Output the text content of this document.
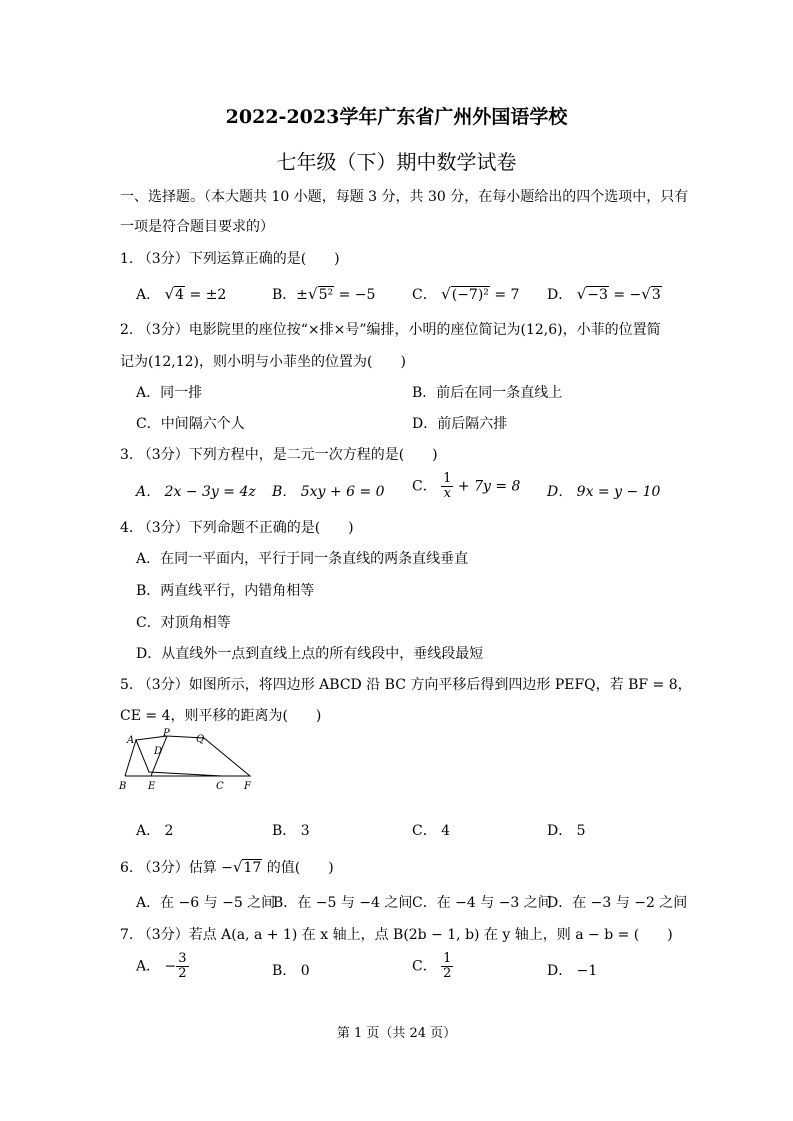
2022-2023学年广东省广州外国语学校
七年级（下）期中数学试卷
一、选择题。（本大题共 10 小题，每题 3 分，共 30 分，在每小题给出的四个选项中，只有
一项是符合题目要求的）
1. （3分）下列运算正确的是(　　)
A． √4 = ±2	B．±√5² = −5	C． √(−7)² = 7 D． √−3 = −√3
2. （3分）电影院里的座位按“×排×号”编排，小明的座位简记为(12,6)，小菲的位置简
记为(12,12)，则小明与小菲坐的位置为(　　)
A．同一排	B．前后在同一条直线上
C．中间隔六个人	D．前后隔六排
3. （3分）下列方程中，是二元一次方程的是(　　)
A． 2x − 3y = 4z B． 5xy + 6 = 0 C． $\frac{1}{x} + 7y = 8$ D． 9x = y − 10
4. （3分）下列命题不正确的是(　　)
A．在同一平面内，平行于同一条直线的两条直线垂直
B．两直线平行，内错角相等
C．对顶角相等
D．从直线外一点到直线上点的所有线段中，垂线段最短
5. （3分）如图所示，将四边形 ABCD 沿 BC 方向平移后得到四边形 PEFQ，若 BF = 8，
CE = 4，则平移的距离为(　　)
A
P
Q
D
B E	C F
A． 2	B． 3	C． 4	D． 5
6. （3分）估算 −√17 的值(　　)
A．在 −6 与 −5 之间
B．在 −5 与 −4 之间 C．在 −4 与 −3 之间
D．在 −3 与 −2 之间
7. （3分）若点 A(a, a + 1) 在 x 轴上，点 B(2b − 1, b) 在 y 轴上，则 a − b = (　　)
A． − $\frac{3}{2}$	B． 0	C． $\frac{1}{2}$	D． −1
第 1 页（共 24 页）
